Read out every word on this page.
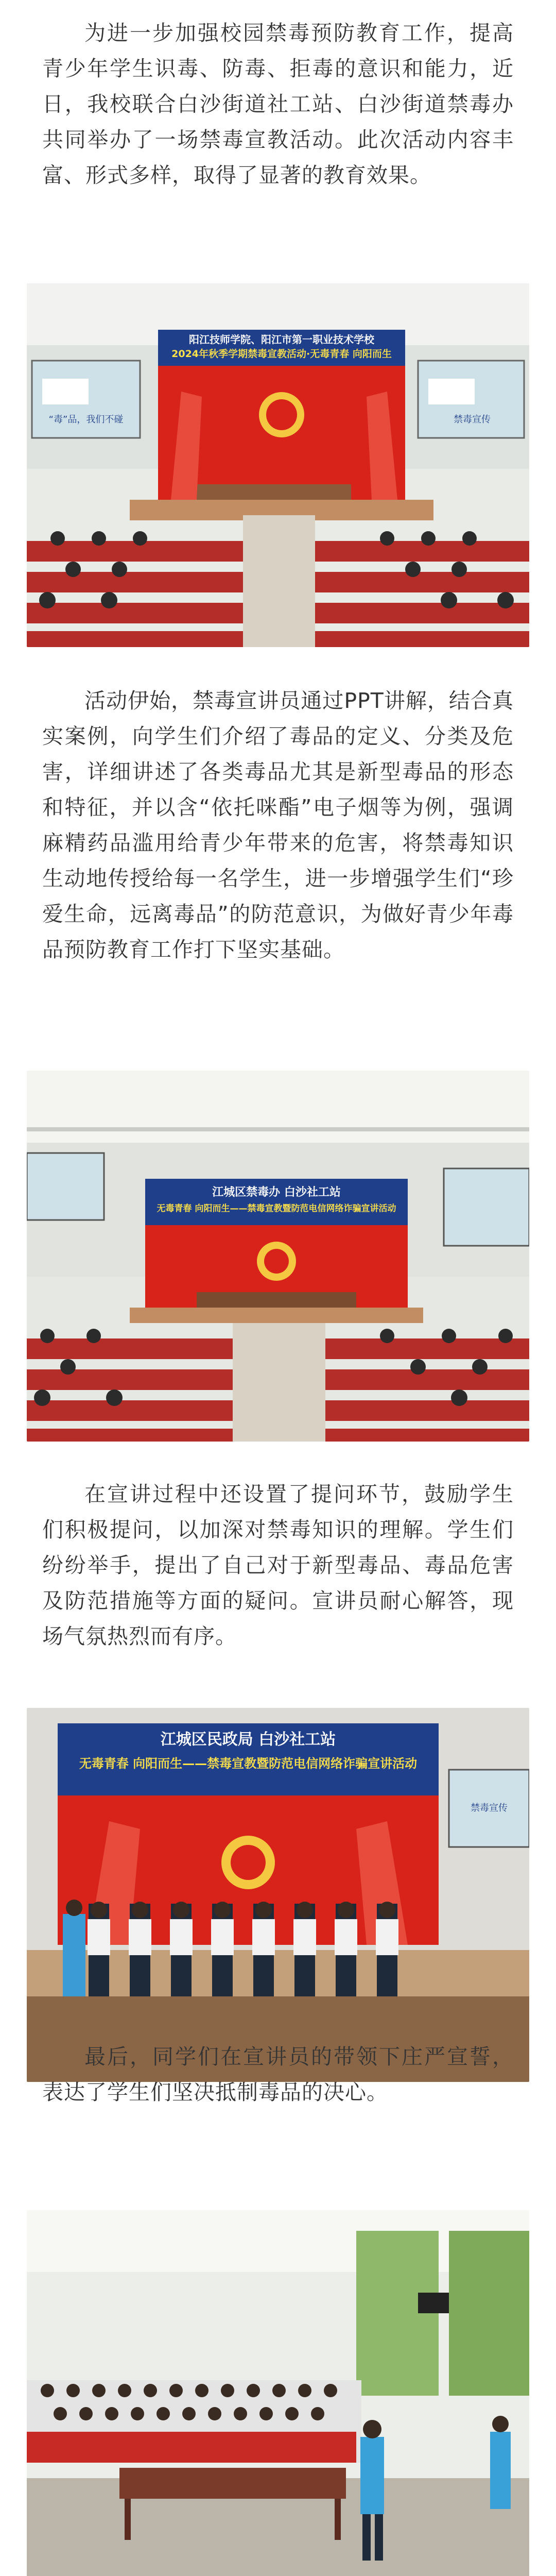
为进一步加强校园禁毒预防教育工作，提高青少年学生识毒、防毒、拒毒的意识和能力，近日，我校联合白沙街道社工站、白沙街道禁毒办共同举办了一场禁毒宣教活动。此次活动内容丰富、形式多样，取得了显著的教育效果。

阳江技师学院、阳江市第一职业技术学校
2024年秋季学期禁毒宣教活动·无毒青春 向阳而生
“毒”品，我们不碰	禁毒宣传

活动伊始，禁毒宣讲员通过PPT讲解，结合真实案例，向学生们介绍了毒品的定义、分类及危害，详细讲述了各类毒品尤其是新型毒品的形态和特征，并以含“依托咪酯”电子烟等为例，强调麻精药品滥用给青少年带来的危害，将禁毒知识生动地传授给每一名学生，进一步增强学生们“珍爱生命，远离毒品”的防范意识，为做好青少年毒品预防教育工作打下坚实基础。

江城区禁毒办 白沙社工站
无毒青春 向阳而生——禁毒宣教暨防范电信网络诈骗宣讲活动

在宣讲过程中还设置了提问环节，鼓励学生们积极提问，以加深对禁毒知识的理解。学生们纷纷举手，提出了自己对于新型毒品、毒品危害及防范措施等方面的疑问。宣讲员耐心解答，现场气氛热烈而有序。

江城区民政局 白沙社工站
无毒青春 向阳而生——禁毒宣教暨防范电信网络诈骗宣讲活动
禁毒宣传

最后，同学们在宣讲员的带领下庄严宣誓，表达了学生们坚决抵制毒品的决心。
